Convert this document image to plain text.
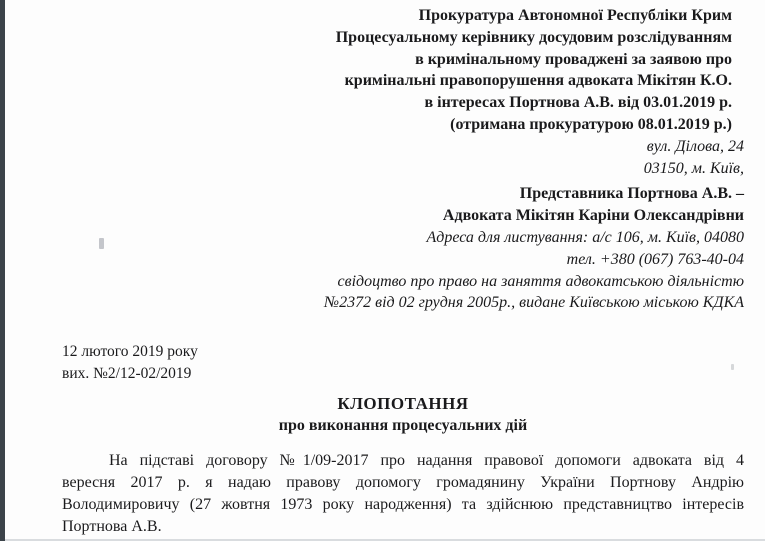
Прокуратура Автономної Республіки Крим
Процесуальному керівнику досудовим розслідуванням
в кримінальному проваджені за заявою про
кримінальні правопорушення адвоката Мікітян К.О.
в інтересах Портнова А.В. від 03.01.2019 р.
(отримана прокуратурою 08.01.2019 р.)
вул. Ділова, 24
03150, м. Київ,
Представника Портнова А.В. –
Адвоката Мікітян Каріни Олександрівни
Адреса для листування: а/с 106, м. Київ, 04080
тел. +380 (067) 763-40-04
свідоцтво про право на заняття адвокатською діяльністю
№2372 від 02 грудня 2005р., видане Київською міською КДКА
12 лютого 2019 року
вих. №2/12-02/2019
КЛОПОТАННЯ
про виконання процесуальних дій
На підставі договору №1/09-2017 про надання правової допомоги адвоката від 4
вересня 2017 р. я надаю правову допомогу громадянину України Портнову Андрію
Володимировичу (27 жовтня 1973 року народження) та здійснюю представництво інтересів
Портнова А.В.
